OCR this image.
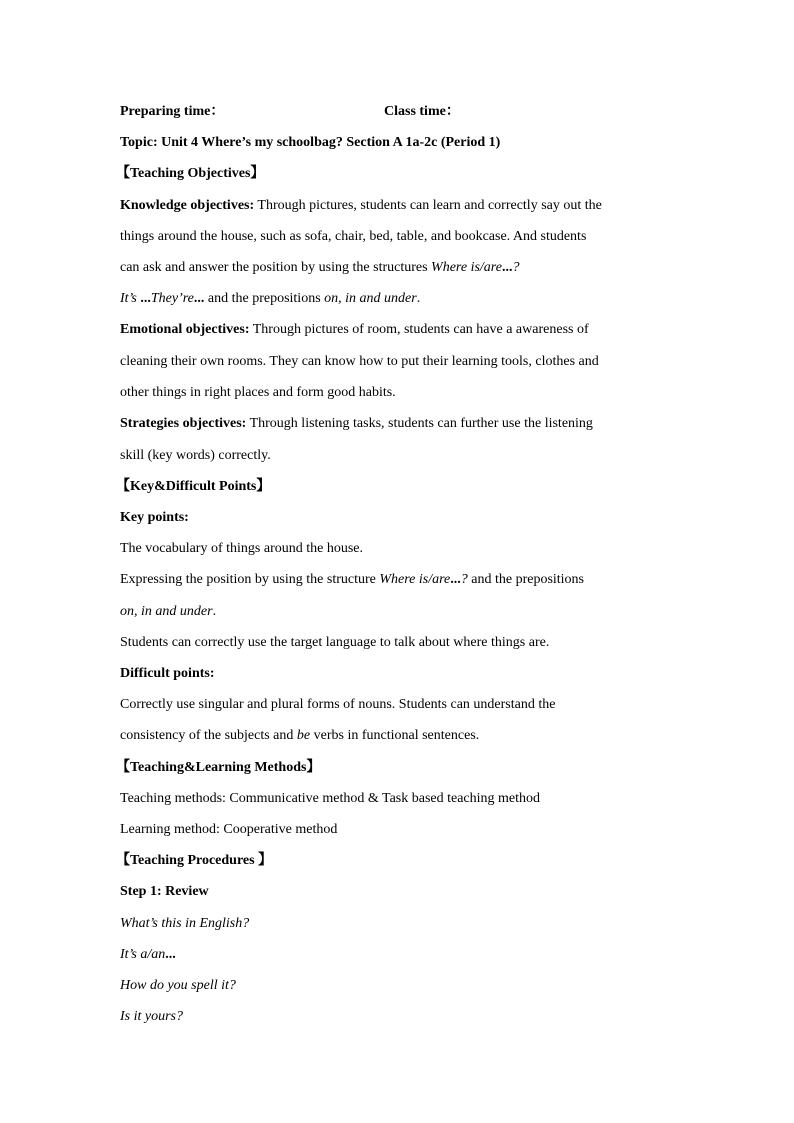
Preparing time：	Class time：
Topic: Unit 4 Where’s my schoolbag? Section A 1a-2c (Period 1)
【Teaching Objectives】
Knowledge objectives: Through pictures, students can learn and correctly say out the
things around the house, such as sofa, chair, bed, table, and bookcase. And students
can ask and answer the position by using the structures Where is/are...?
It’s ...They’re... and the prepositions on, in and under.
Emotional objectives: Through pictures of room, students can have a awareness of
cleaning their own rooms. They can know how to put their learning tools, clothes and
other things in right places and form good habits.
Strategies objectives: Through listening tasks, students can further use the listening
skill (key words) correctly.
【Key&Difficult Points】
Key points:
The vocabulary of things around the house.
Expressing the position by using the structure Where is/are...? and the prepositions
on, in and under.
Students can correctly use the target language to talk about where things are.
Difficult points:
Correctly use singular and plural forms of nouns. Students can understand the
consistency of the subjects and be verbs in functional sentences.
【Teaching&Learning Methods】
Teaching methods: Communicative method & Task based teaching method
Learning method: Cooperative method
【Teaching Procedures 】
Step 1: Review
What’s this in English?
It’s a/an...
How do you spell it?
Is it yours?
